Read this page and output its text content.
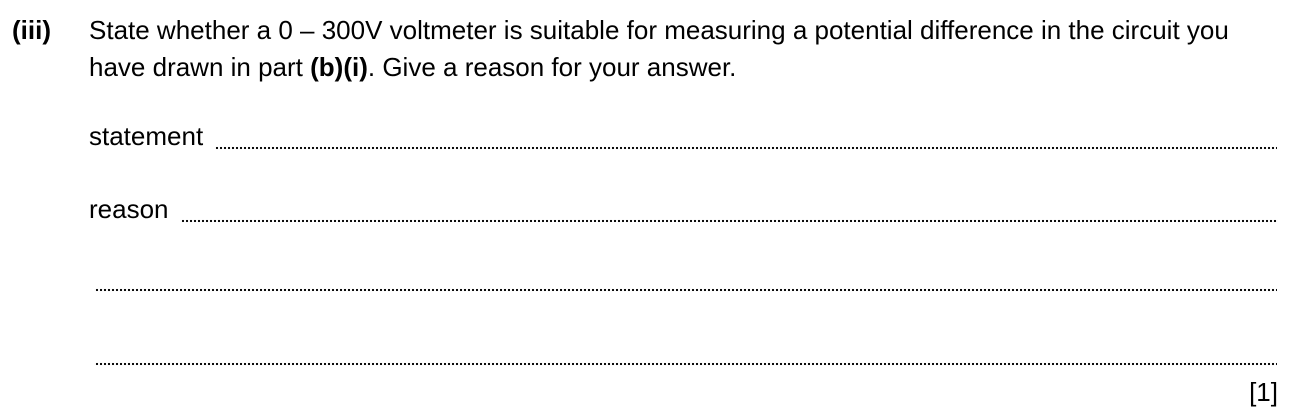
(iii) State whether a 0 – 300V voltmeter is suitable for measuring a potential difference in the circuit you have drawn in part (b)(i). Give a reason for your answer.
statement
reason
[1]
